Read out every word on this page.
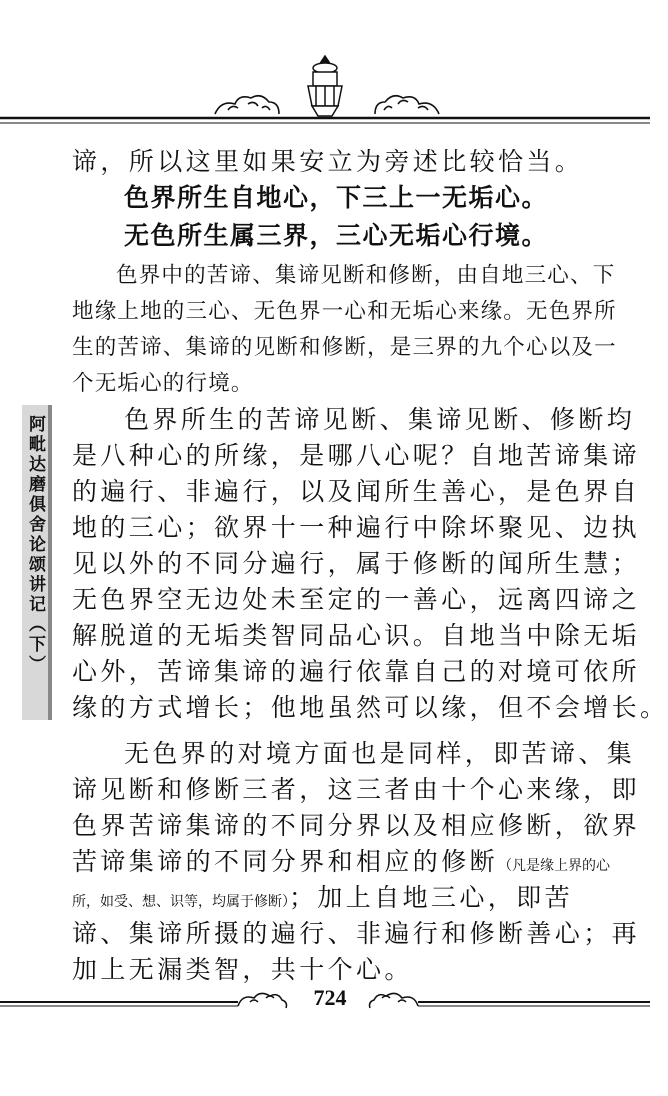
阿毗达磨俱舍论颂讲记（下）
谛，所以这里如果安立为旁述比较恰当。
色界所生自地心，下三上一无垢心。
无色所生属三界，三心无垢心行境。
色界中的苦谛、集谛见断和修断，由自地三心、下
地缘上地的三心、无色界一心和无垢心来缘。无色界所
生的苦谛、集谛的见断和修断，是三界的九个心以及一
个无垢心的行境。
色界所生的苦谛见断、集谛见断、修断均
是八种心的所缘，是哪八心呢？自地苦谛集谛
的遍行、非遍行，以及闻所生善心，是色界自
地的三心；欲界十一种遍行中除坏聚见、边执
见以外的不同分遍行，属于修断的闻所生慧；
无色界空无边处未至定的一善心，远离四谛之
解脱道的无垢类智同品心识。自地当中除无垢
心外，苦谛集谛的遍行依靠自己的对境可依所
缘的方式增长；他地虽然可以缘，但不会增长。
无色界的对境方面也是同样，即苦谛、集
谛见断和修断三者，这三者由十个心来缘，即
色界苦谛集谛的不同分界以及相应修断，欲界
苦谛集谛的不同分界和相应的修断（凡是缘上界的心
所，如受、想、识等，均属于修断）；加上自地三心，即苦
谛、集谛所摄的遍行、非遍行和修断善心；再
加上无漏类智，共十个心。
724
